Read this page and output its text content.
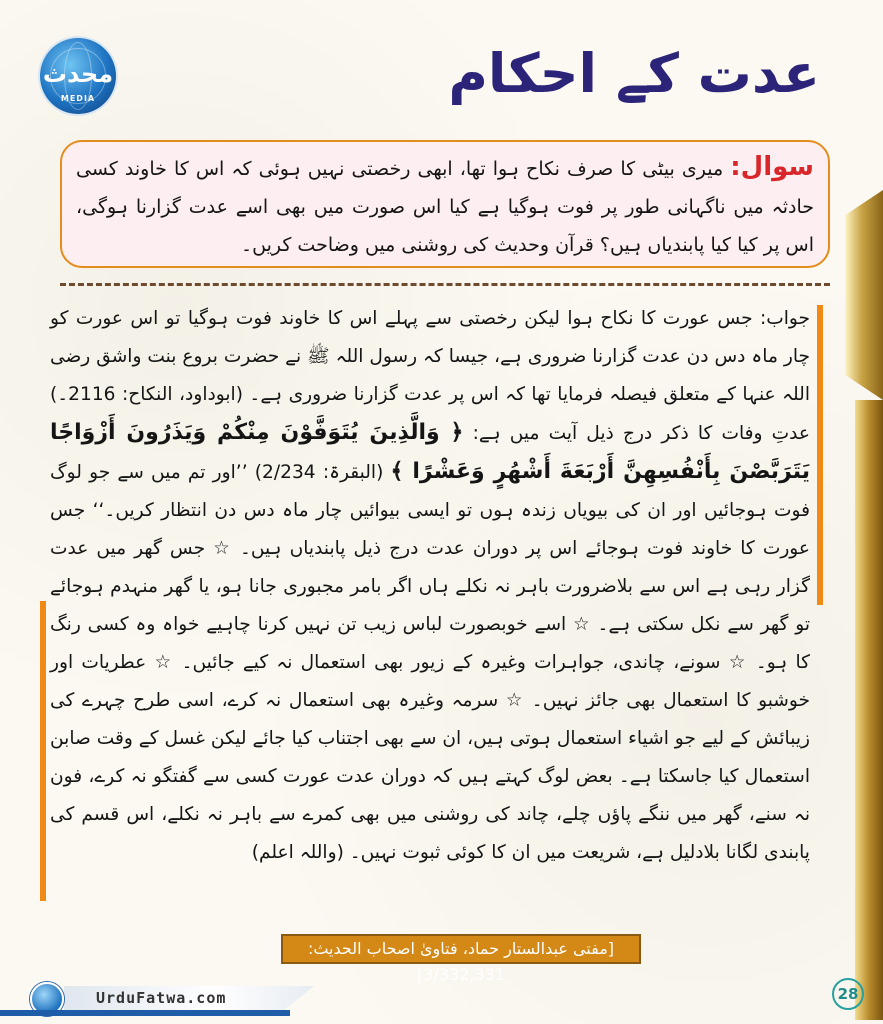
محدث
MEDIA	عدت کے احکام
سوال: میری بیٹی کا صرف نکاح ہوا تھا، ابھی رخصتی نہیں ہوئی کہ اس کا خاوند کسی حادثہ میں ناگہانی طور پر فوت ہوگیا ہے کیا اس صورت میں بھی اسے عدت گزارنا ہوگی، اس پر کیا کیا پابندیاں ہیں؟ قرآن وحدیث کی روشنی میں وضاحت کریں۔

جواب: جس عورت کا نکاح ہوا لیکن رخصتی سے پہلے اس کا خاوند فوت ہوگیا تو اس عورت کو چار ماہ دس دن عدت گزارنا ضروری ہے، جیسا کہ رسول اللہ ﷺ نے حضرت بروع بنت واشق رضی اللہ عنہا کے متعلق فیصلہ فرمایا تھا کہ اس پر عدت گزارنا ضروری ہے۔ (ابوداود، النکاح: 2116۔) عدتِ وفات کا ذکر درج ذیل آیت میں ہے: ﴿ وَالَّذِينَ يُتَوَفَّوْنَ مِنْكُمْ وَيَذَرُونَ أَزْوَاجًا يَتَرَبَّصْنَ بِأَنْفُسِهِنَّ أَرْبَعَةَ أَشْهُرٍ وَعَشْرًا ﴾ (البقرۃ: 2/234) ’’اور تم میں سے جو لوگ فوت ہوجائیں اور ان کی بیویاں زندہ ہوں تو ایسی بیوائیں چار ماہ دس دن انتظار کریں۔‘‘ جس عورت کا خاوند فوت ہوجائے اس پر دوران عدت درج ذیل پابندیاں ہیں۔ ☆ جس گھر میں عدت گزار رہی ہے اس سے بلاضرورت باہر نہ نکلے ہاں اگر بامر مجبوری جانا ہو، یا گھر منہدم ہوجائے تو گھر سے نکل سکتی ہے۔ ☆ اسے خوبصورت لباس زیب تن نہیں کرنا چاہیے خواہ وہ کسی رنگ کا ہو۔ ☆ سونے، چاندی، جواہرات وغیرہ کے زیور بھی استعمال نہ کیے جائیں۔ ☆ عطریات اور خوشبو کا استعمال بھی جائز نہیں۔ ☆ سرمہ وغیرہ بھی استعمال نہ کرے، اسی طرح چہرے کی زیبائش کے لیے جو اشیاء استعمال ہوتی ہیں، ان سے بھی اجتناب کیا جائے لیکن غسل کے وقت صابن استعمال کیا جاسکتا ہے۔ بعض لوگ کہتے ہیں کہ دوران عدت عورت کسی سے گفتگو نہ کرے، فون نہ سنے، گھر میں ننگے پاؤں چلے، چاند کی روشنی میں بھی کمرے سے باہر نہ نکلے، اس قسم کی پابندی لگانا بلادلیل ہے، شریعت میں ان کا کوئی ثبوت نہیں۔ (واللہ اعلم)

[مفتی عبدالستار حماد، فتاویٰ اصحاب الحدیث: 3/332,331]
UrduFatwa.com	28
